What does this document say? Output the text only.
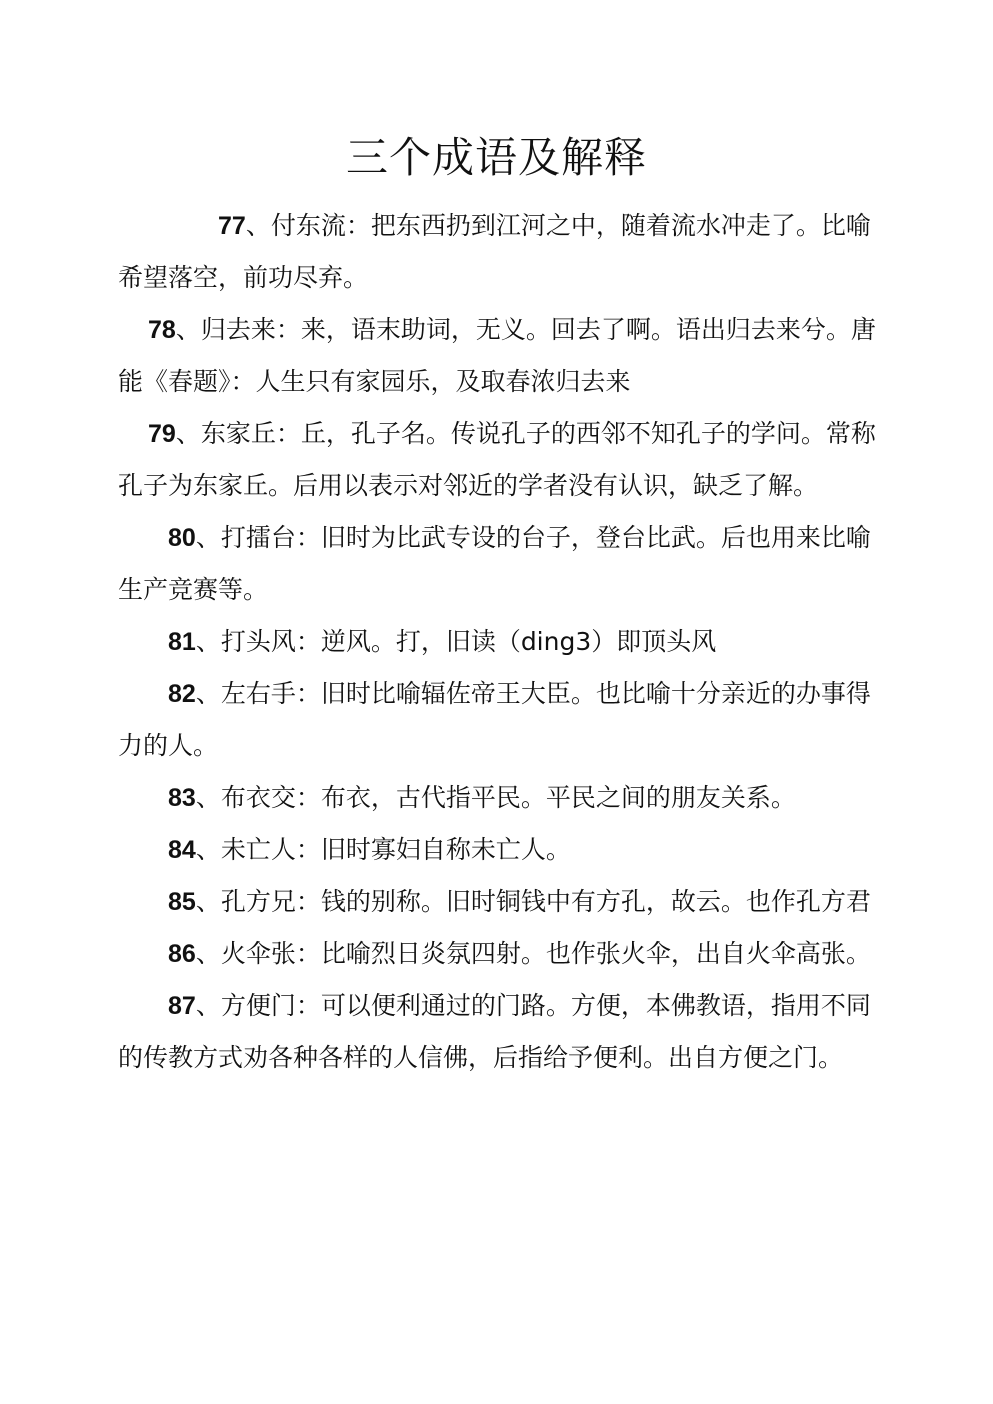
三个成语及解释

77、付东流：把东西扔到江河之中，随着流水冲走了。比喻希望落空，前功尽弃。

78、归去来：来，语末助词，无义。回去了啊。语出归去来兮。唐能《春题》：人生只有家园乐，及取春浓归去来

79、东家丘：丘，孔子名。传说孔子的西邻不知孔子的学问。常称孔子为东家丘。后用以表示对邻近的学者没有认识，缺乏了解。

80、打擂台：旧时为比武专设的台子，登台比武。后也用来比喻生产竞赛等。

81、打头风：逆风。打，旧读（ding3）即顶头风

82、左右手：旧时比喻辐佐帝王大臣。也比喻十分亲近的办事得力的人。

83、布衣交：布衣，古代指平民。平民之间的朋友关系。

84、未亡人：旧时寡妇自称未亡人。

85、孔方兄：钱的别称。旧时铜钱中有方孔，故云。也作孔方君

86、火伞张：比喻烈日炎氛四射。也作张火伞，出自火伞高张。

87、方便门：可以便利通过的门路。方便，本佛教语，指用不同的传教方式劝各种各样的人信佛，后指给予便利。出自方便之门。
